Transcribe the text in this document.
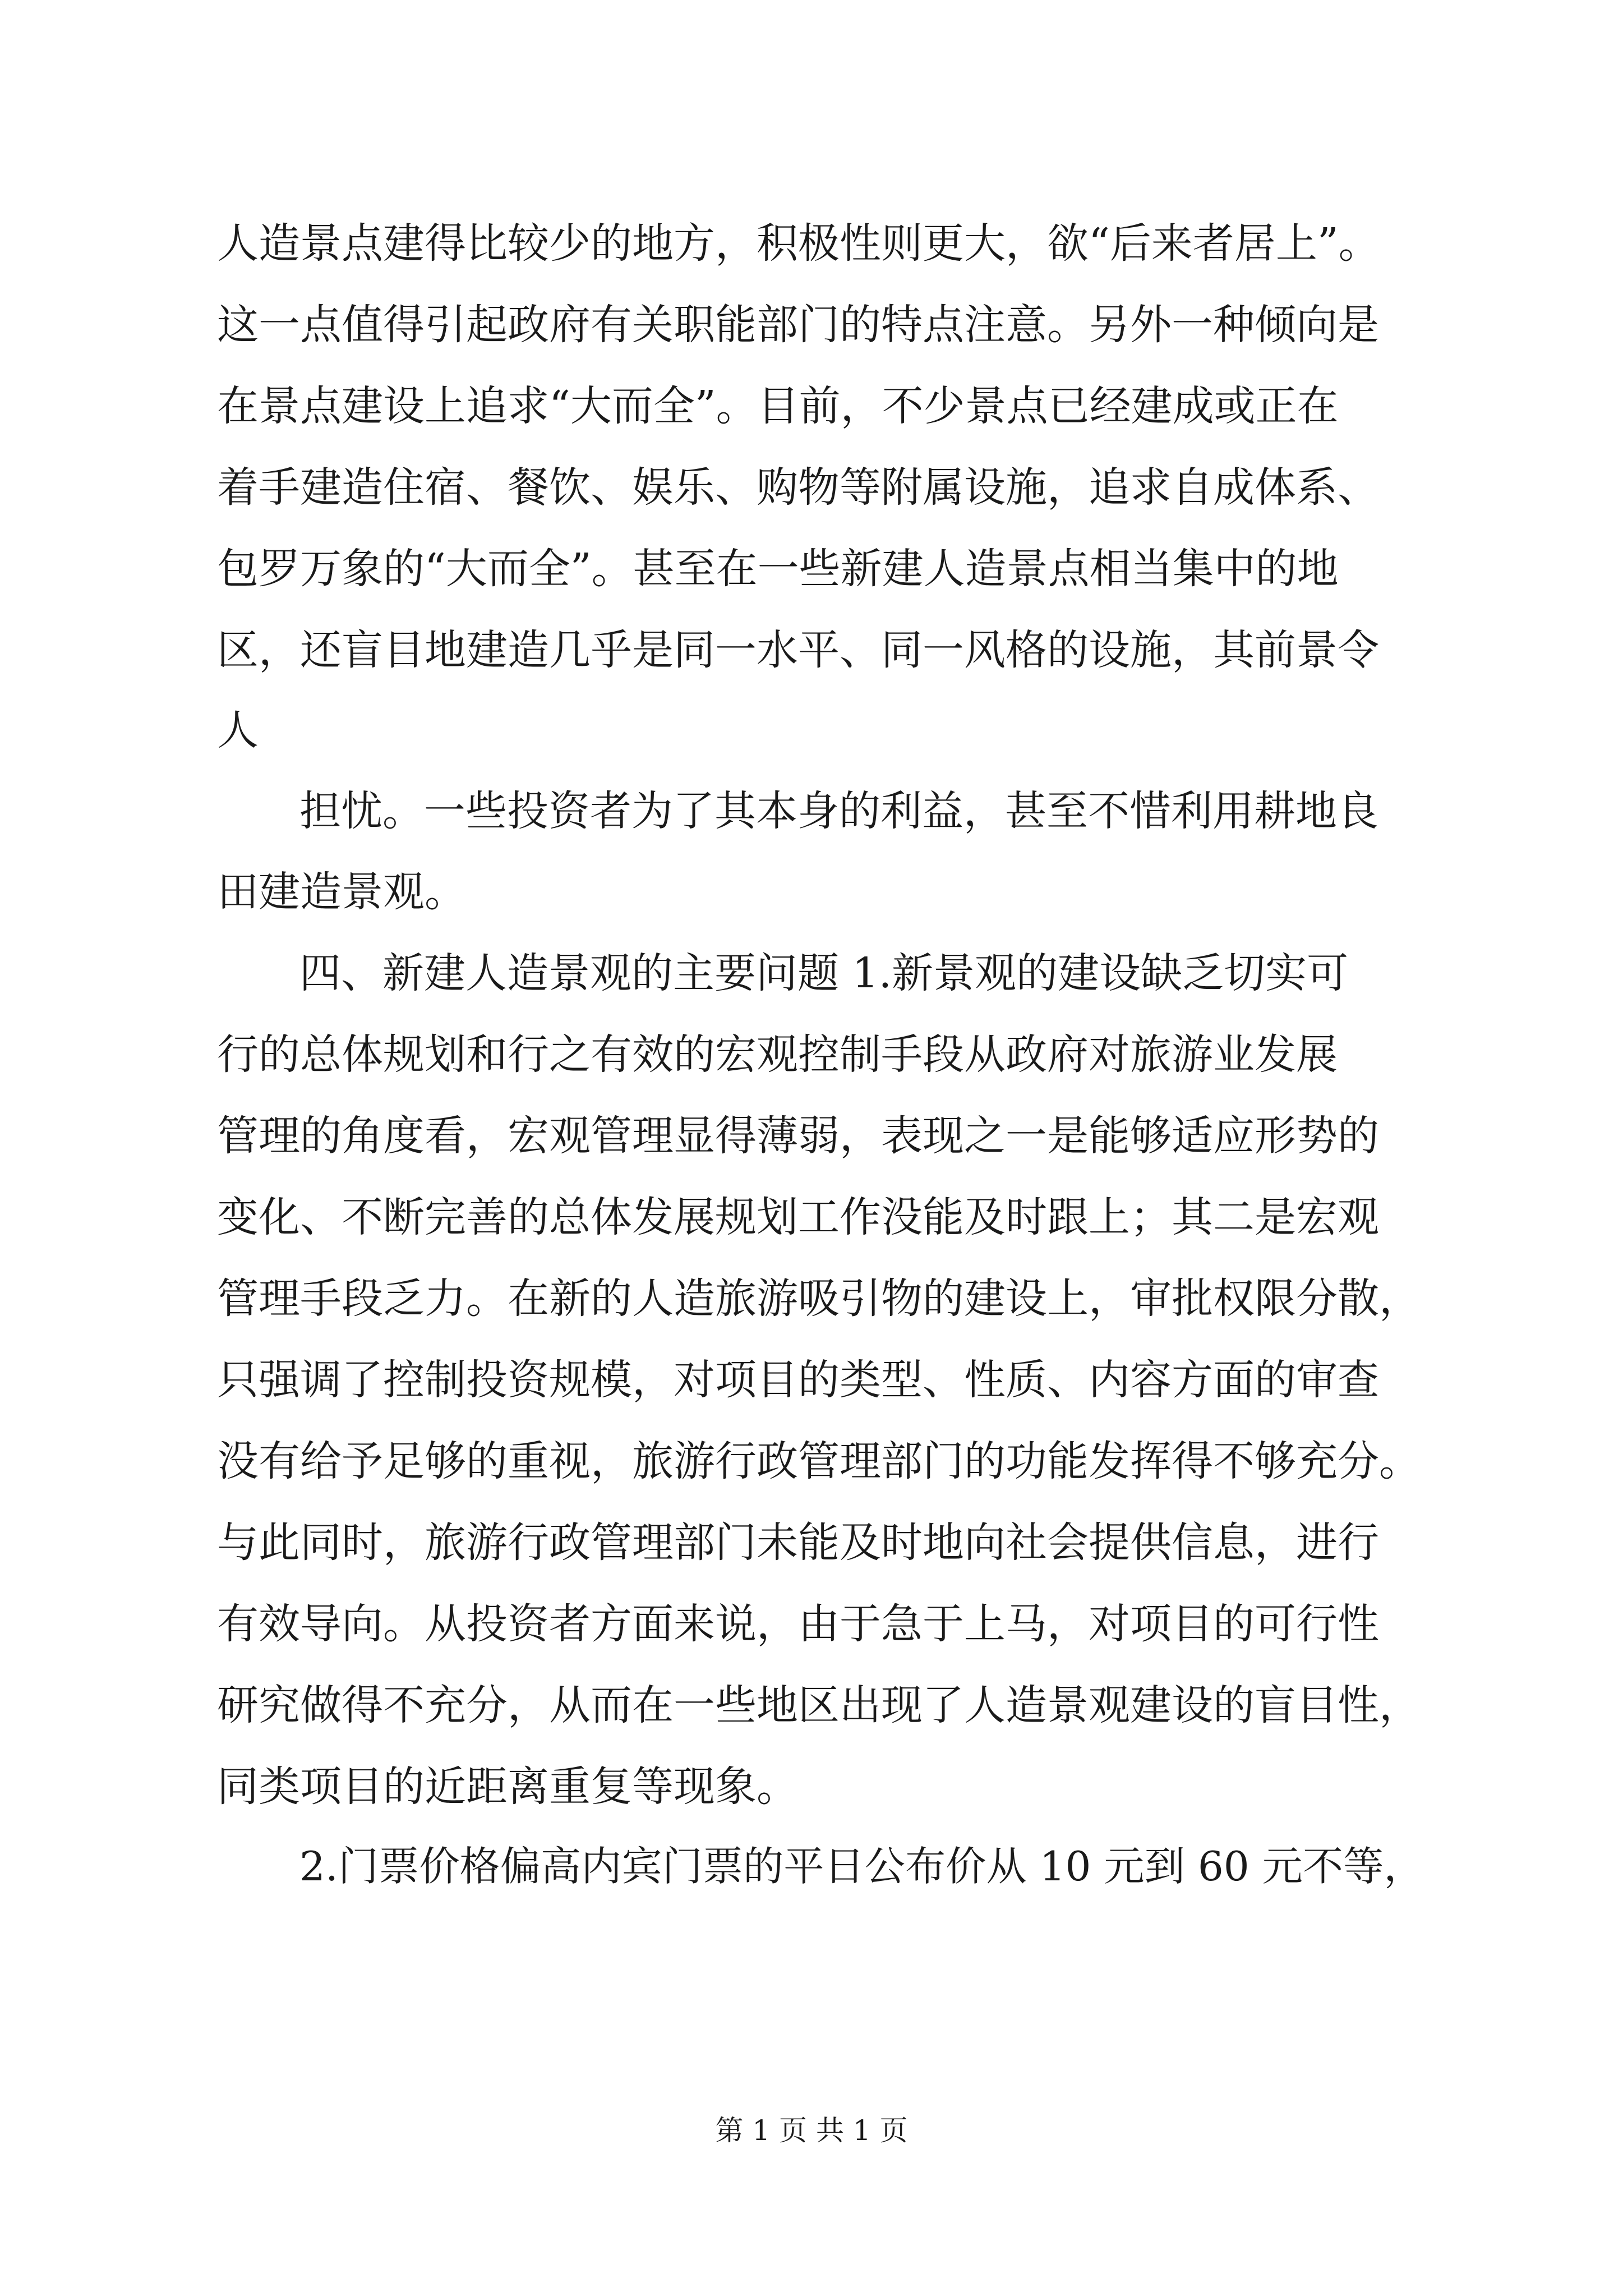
人造景点建得比较少的地方，积极性则更大，欲“后来者居上”。
这一点值得引起政府有关职能部门的特点注意。另外一种倾向是
在景点建设上追求“大而全”。目前，不少景点已经建成或正在
着手建造住宿、餐饮、娱乐、购物等附属设施，追求自成体系、
包罗万象的“大而全”。甚至在一些新建人造景点相当集中的地
区，还盲目地建造几乎是同一水平、同一风格的设施，其前景令
人
担忧。一些投资者为了其本身的利益，甚至不惜利用耕地良
田建造景观。
四、新建人造景观的主要问题 1.新景观的建设缺乏切实可
行的总体规划和行之有效的宏观控制手段从政府对旅游业发展
管理的角度看，宏观管理显得薄弱，表现之一是能够适应形势的
变化、不断完善的总体发展规划工作没能及时跟上；其二是宏观
管理手段乏力。在新的人造旅游吸引物的建设上，审批权限分散，
只强调了控制投资规模，对项目的类型、性质、内容方面的审查
没有给予足够的重视，旅游行政管理部门的功能发挥得不够充分。
与此同时，旅游行政管理部门未能及时地向社会提供信息，进行
有效导向。从投资者方面来说，由于急于上马，对项目的可行性
研究做得不充分，从而在一些地区出现了人造景观建设的盲目性，
同类项目的近距离重复等现象。
2.门票价格偏高内宾门票的平日公布价从 10 元到 60 元不等，
第 1 页 共 1 页
